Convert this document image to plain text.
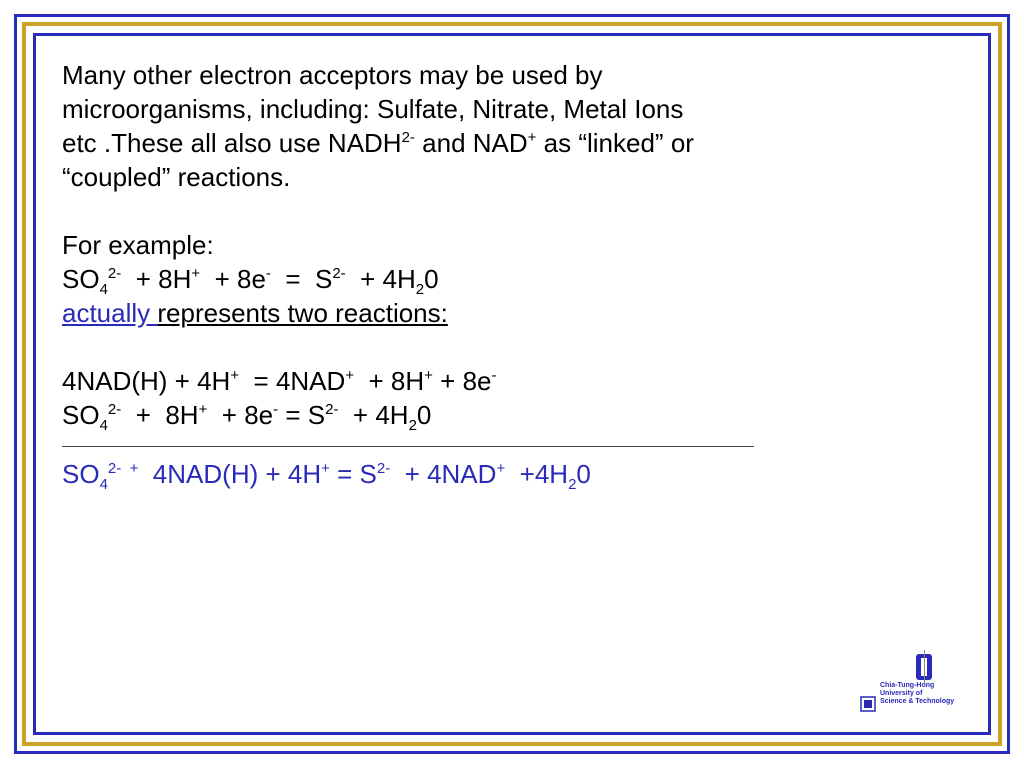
Many other electron acceptors may be used by
microorganisms, including: Sulfate, Nitrate, Metal Ions
etc .These all also use $NADH^{2-}$ and NAD+ as “linked” or
“coupled” reactions.
For example:
$SO_4^{2-} + 8H^+ + 8e^- = S^{2-} + 4H_20$
actually represents two reactions:
4NAD(H) + 4H+  = 4NAD+  + 8H+ + 8e-
$SO_4^{2-} + 8H^+ + 8e^- = S^{2-} + 4H_20$
$SO_4^{2- +}$  $4NAD(H) + 4H^+ = S^{2-} + 4NAD^+ +4H_20$
Chia-Tung-Hong
University of
Science & Technology
